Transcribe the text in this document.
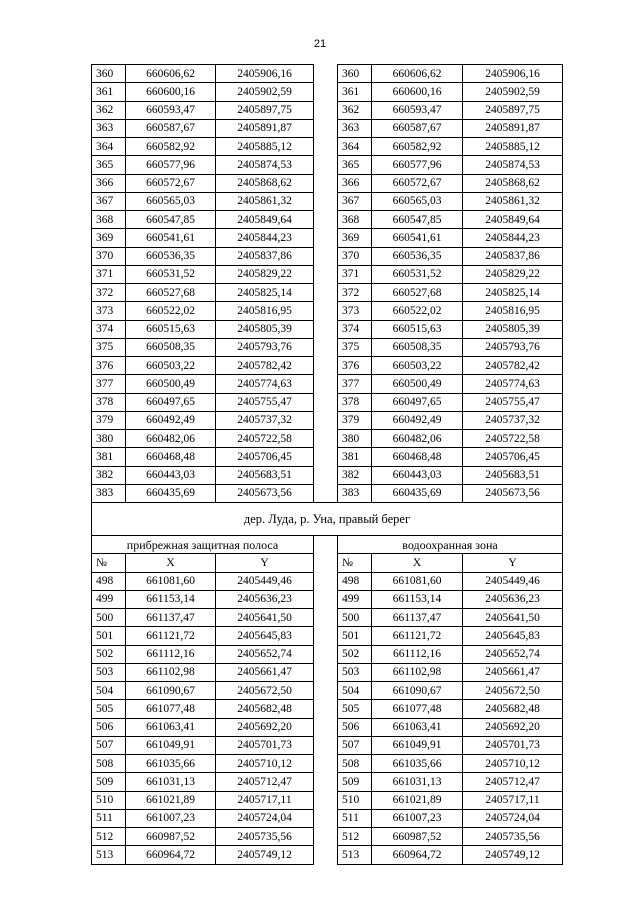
21
360	660606,62	2405906,16		360	660606,62	2405906,16
361	660600,16	2405902,59		361	660600,16	2405902,59
362	660593,47	2405897,75		362	660593,47	2405897,75
363	660587,67	2405891,87		363	660587,67	2405891,87
364	660582,92	2405885,12		364	660582,92	2405885,12
365	660577,96	2405874,53		365	660577,96	2405874,53
366	660572,67	2405868,62		366	660572,67	2405868,62
367	660565,03	2405861,32		367	660565,03	2405861,32
368	660547,85	2405849,64		368	660547,85	2405849,64
369	660541,61	2405844,23		369	660541,61	2405844,23
370	660536,35	2405837,86		370	660536,35	2405837,86
371	660531,52	2405829,22		371	660531,52	2405829,22
372	660527,68	2405825,14		372	660527,68	2405825,14
373	660522,02	2405816,95		373	660522,02	2405816,95
374	660515,63	2405805,39		374	660515,63	2405805,39
375	660508,35	2405793,76		375	660508,35	2405793,76
376	660503,22	2405782,42		376	660503,22	2405782,42
377	660500,49	2405774,63		377	660500,49	2405774,63
378	660497,65	2405755,47		378	660497,65	2405755,47
379	660492,49	2405737,32		379	660492,49	2405737,32
380	660482,06	2405722,58		380	660482,06	2405722,58
381	660468,48	2405706,45		381	660468,48	2405706,45
382	660443,03	2405683,51		382	660443,03	2405683,51
383	660435,69	2405673,56		383	660435,69	2405673,56
дер. Луда, р. Уна, правый берег						
прибрежная защитная полоса				водоохранная зона		
№	X	Y		№	X	Y
498	661081,60	2405449,46		498	661081,60	2405449,46
499	661153,14	2405636,23		499	661153,14	2405636,23
500	661137,47	2405641,50		500	661137,47	2405641,50
501	661121,72	2405645,83		501	661121,72	2405645,83
502	661112,16	2405652,74		502	661112,16	2405652,74
503	661102,98	2405661,47		503	661102,98	2405661,47
504	661090,67	2405672,50		504	661090,67	2405672,50
505	661077,48	2405682,48		505	661077,48	2405682,48
506	661063,41	2405692,20		506	661063,41	2405692,20
507	661049,91	2405701,73		507	661049,91	2405701,73
508	661035,66	2405710,12		508	661035,66	2405710,12
509	661031,13	2405712,47		509	661031,13	2405712,47
510	661021,89	2405717,11		510	661021,89	2405717,11
511	661007,23	2405724,04		511	661007,23	2405724,04
512	660987,52	2405735,56		512	660987,52	2405735,56
513	660964,72	2405749,12		513	660964,72	2405749,12
